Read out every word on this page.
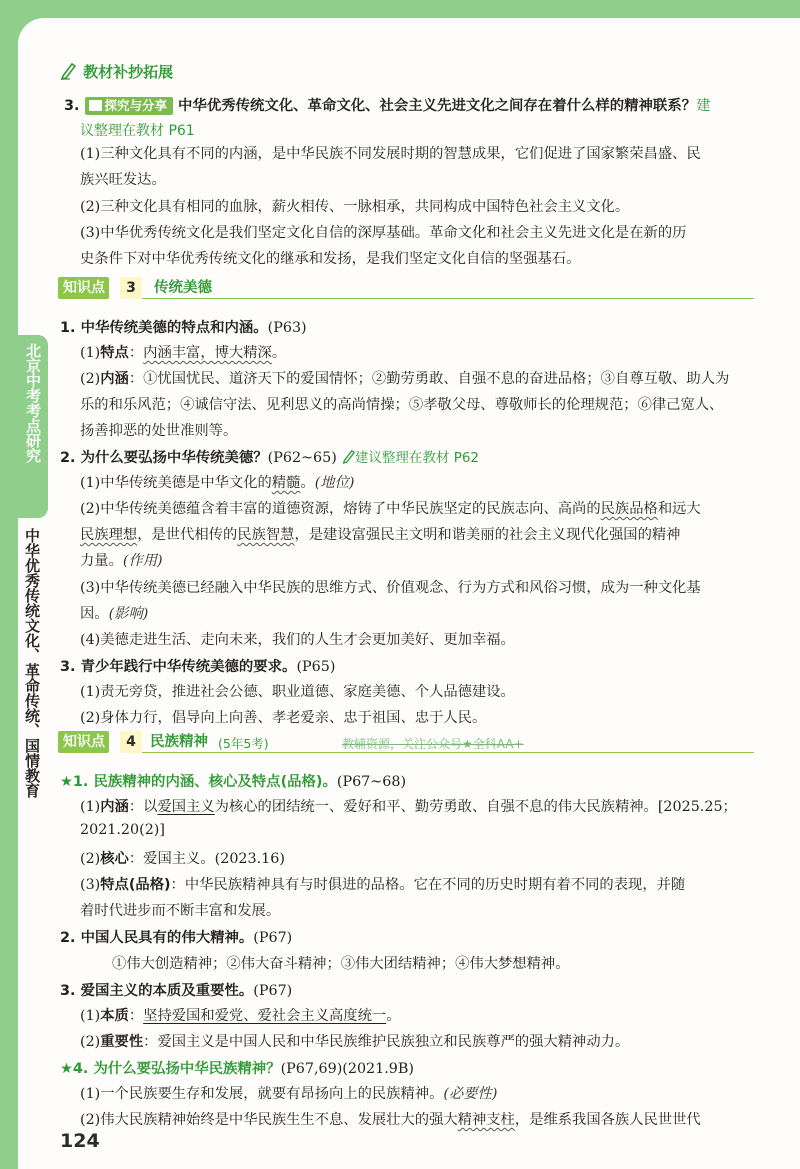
教材补抄拓展
3. 探究与分享 中华优秀传统文化、革命文化、社会主义先进文化之间存在着什么样的精神联系？建
议整理在教材 P61
(1)三种文化具有不同的内涵，是中华民族不同发展时期的智慧成果，它们促进了国家繁荣昌盛、民
族兴旺发达。
(2)三种文化具有相同的血脉，薪火相传、一脉相承，共同构成中国特色社会主义文化。
(3)中华优秀传统文化是我们坚定文化自信的深厚基础。革命文化和社会主义先进文化是在新的历
史条件下对中华优秀传统文化的继承和发扬，是我们坚定文化自信的坚强基石。
知识点	3	传统美德
1. 中华传统美德的特点和内涵。(P63)
(1)特点：内涵丰富，博大精深。
(2)内涵：①忧国忧民、道济天下的爱国情怀；②勤劳勇敢、自强不息的奋进品格；③自尊互敬、助人为
乐的和乐风范；④诚信守法、见利思义的高尚情操；⑤孝敬父母、尊敬师长的伦理规范；⑥律己宽人、
扬善抑恶的处世准则等。
2. 为什么要弘扬中华传统美德？(P62~65) 建议整理在教材 P62
(1)中华传统美德是中华文化的精髓。(地位)
(2)中华传统美德蕴含着丰富的道德资源，熔铸了中华民族坚定的民族志向、高尚的民族品格和远大
民族理想，是世代相传的民族智慧，是建设富强民主文明和谐美丽的社会主义现代化强国的精神
力量。(作用)
(3)中华传统美德已经融入中华民族的思维方式、价值观念、行为方式和风俗习惯，成为一种文化基
因。(影响)
(4)美德走进生活、走向未来，我们的人生才会更加美好、更加幸福。
3. 青少年践行中华传统美德的要求。(P65)
(1)责无旁贷，推进社会公德、职业道德、家庭美德、个人品德建设。
(2)身体力行，倡导向上向善、孝老爱亲、忠于祖国、忠于人民。
知识点	4 民族精神 (5年5考)	教辅资源，关注公众号★全科AA+
★1. 民族精神的内涵、核心及特点(品格)。(P67~68)
(1)内涵：以爱国主义为核心的团结统一、爱好和平、勤劳勇敢、自强不息的伟大民族精神。[2025.25；
2021.20(2)]
(2)核心：爱国主义。(2023.16)
(3)特点(品格)：中华民族精神具有与时俱进的品格。它在不同的历史时期有着不同的表现，并随
着时代进步而不断丰富和发展。
2. 中国人民具有的伟大精神。(P67)
①伟大创造精神；②伟大奋斗精神；③伟大团结精神；④伟大梦想精神。
3. 爱国主义的本质及重要性。(P67)
(1)本质：坚持爱国和爱党、爱社会主义高度统一。
(2)重要性：爱国主义是中国人民和中华民族维护民族独立和民族尊严的强大精神动力。
★4. 为什么要弘扬中华民族精神？(P67,69)(2021.9B)
(1)一个民族要生存和发展，就要有昂扬向上的民族精神。(必要性)
(2)伟大民族精神始终是中华民族生生不息、发展壮大的强大精神支柱，是维系我国各族人民世世代
124
北京中考考点研究
中华优秀传统文化、革命传统、国情教育
